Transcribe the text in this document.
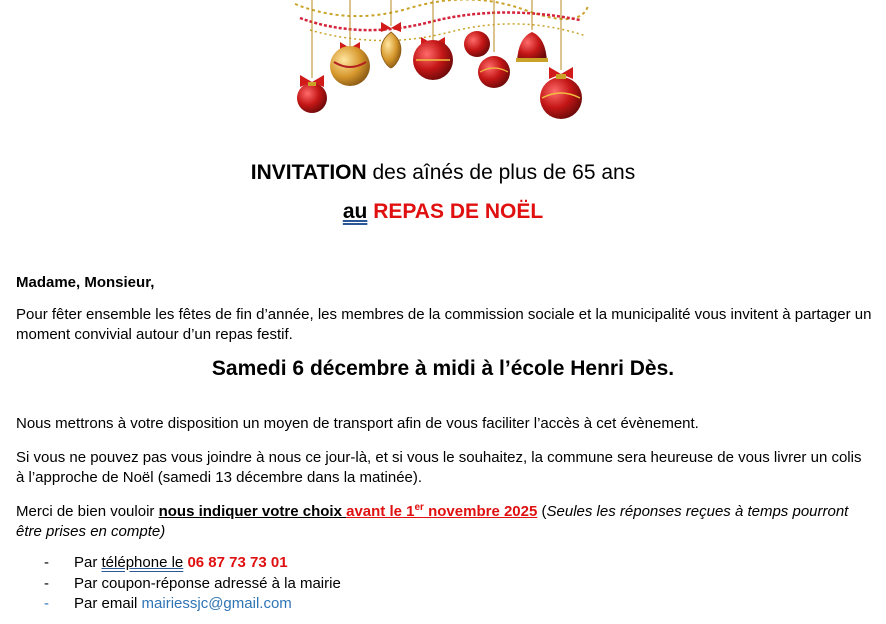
INVITATION des aînés de plus de 65 ans
au REPAS DE NOËL
Madame, Monsieur,
Pour fêter ensemble les fêtes de fin d’année, les membres de la commission sociale et la municipalité vous invitent à partager un moment convivial autour d’un repas festif.
Samedi 6 décembre à midi à l’école Henri Dès.
Nous mettrons à votre disposition un moyen de transport afin de vous faciliter l’accès à cet évènement.
Si vous ne pouvez pas vous joindre à nous ce jour-là, et si vous le souhaitez, la commune sera heureuse de vous livrer un colis à l’approche de Noël (samedi 13 décembre dans la matinée).
Merci de bien vouloir nous indiquer votre choix avant le 1er novembre 2025 (Seules les réponses reçues à temps pourront être prises en compte)
- Par téléphone le 06 87 73 73 01
- Par coupon-réponse adressé à la mairie
- Par email mairiessjc@gmail.com
